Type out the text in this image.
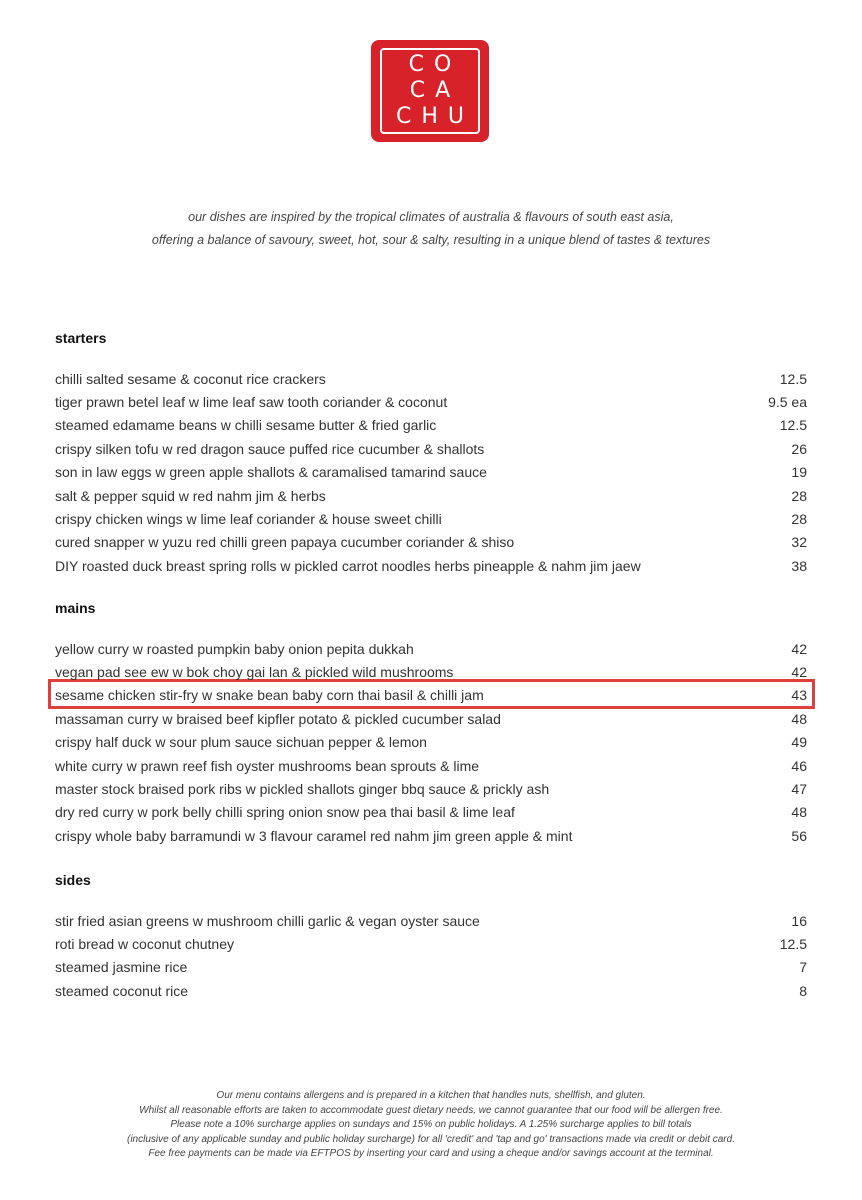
CO
CA
CHU
our dishes are inspired by the tropical climates of australia & flavours of south east asia,
offering a balance of savoury, sweet, hot, sour & salty, resulting in a unique blend of tastes & textures
starters
chilli salted sesame & coconut rice crackers	12.5
tiger prawn betel leaf w lime leaf saw tooth coriander & coconut	9.5 ea
steamed edamame beans w chilli sesame butter & fried garlic	12.5
crispy silken tofu w red dragon sauce puffed rice cucumber & shallots	26
son in law eggs w green apple shallots & caramalised tamarind sauce	19
salt & pepper squid w red nahm jim & herbs	28
crispy chicken wings w lime leaf coriander & house sweet chilli	28
cured snapper w yuzu red chilli green papaya cucumber coriander & shiso	32
DIY roasted duck breast spring rolls w pickled carrot noodles herbs pineapple & nahm jim jaew	38
mains
yellow curry w roasted pumpkin baby onion pepita dukkah	42
vegan pad see ew w bok choy gai lan & pickled wild mushrooms	42
sesame chicken stir-fry w snake bean baby corn thai basil & chilli jam	43
massaman curry w braised beef kipfler potato & pickled cucumber salad	48
crispy half duck w sour plum sauce sichuan pepper & lemon	49
white curry w prawn reef fish oyster mushrooms bean sprouts & lime	46
master stock braised pork ribs w pickled shallots ginger bbq sauce & prickly ash	47
dry red curry w pork belly chilli spring onion snow pea thai basil & lime leaf	48
crispy whole baby barramundi w 3 flavour caramel red nahm jim green apple & mint	56
sides
stir fried asian greens w mushroom chilli garlic & vegan oyster sauce	16
roti bread w coconut chutney	12.5
steamed jasmine rice	7
steamed coconut rice	8
Our menu contains allergens and is prepared in a kitchen that handles nuts, shellfish, and gluten.
Whilst all reasonable efforts are taken to accommodate guest dietary needs, we cannot guarantee that our food will be allergen free.
Please note a 10% surcharge applies on sundays and 15% on public holidays. A 1.25% surcharge applies to bill totals
(inclusive of any applicable sunday and public holiday surcharge) for all 'credit' and 'tap and go' transactions made via credit or debit card.
Fee free payments can be made via EFTPOS by inserting your card and using a cheque and/or savings account at the terminal.
